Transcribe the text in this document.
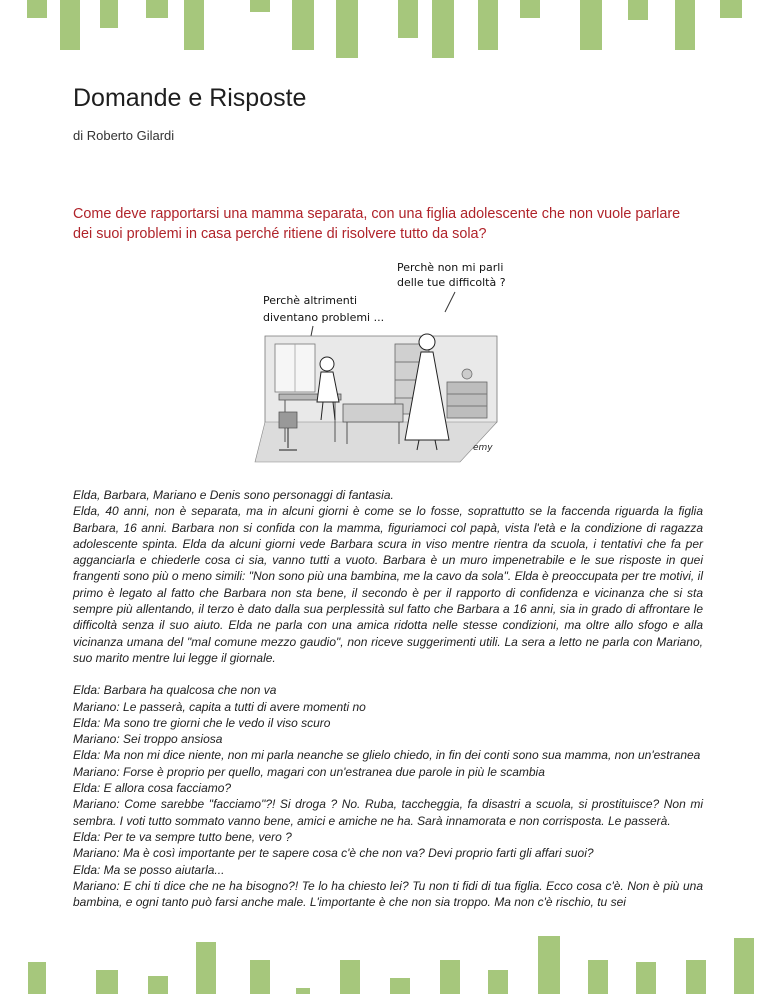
Domande e Risposte
di Roberto Gilardi
Come deve rapportarsi una mamma separata, con una figlia adolescente che non vuole parlare dei suoi problemi in casa perché ritiene di risolvere tutto da sola?
Perchè non mi parli
delle tue difficoltà ?
Perchè altrimenti
diventano problemi ...
emy

Elda, Barbara, Mariano e Denis sono personaggi di fantasia.

Elda, 40 anni, non è separata, ma in alcuni giorni è come se lo fosse, soprattutto se la faccenda riguarda la figlia Barbara, 16 anni. Barbara non si confida con la mamma, figuriamoci col papà, vista l'età e la condizione di ragazza adolescente spinta. Elda da alcuni giorni vede Barbara scura in viso mentre rientra da scuola, i tentativi che fa per agganciarla e chiederle cosa ci sia, vanno tutti a vuoto. Barbara è un muro impenetrabile e le sue risposte in quei frangenti sono più o meno simili: "Non sono più una bambina, me la cavo da sola". Elda è preoccupata per tre motivi, il primo è legato al fatto che Barbara non sta bene, il secondo è per il rapporto di confidenza e vicinanza che si sta sempre più allentando, il terzo è dato dalla sua perplessità sul fatto che Barbara a 16 anni, sia in grado di affrontare le difficoltà senza il suo aiuto. Elda ne parla con una amica ridotta nelle stesse condizioni, ma oltre allo sfogo e alla vicinanza umana del "mal comune mezzo gaudio", non riceve suggerimenti utili. La sera a letto ne parla con Mariano, suo marito mentre lui legge il giornale.

Elda: Barbara ha qualcosa che non va

Mariano: Le passerà, capita a tutti di avere momenti no

Elda: Ma sono tre giorni che le vedo il viso scuro

Mariano: Sei troppo ansiosa

Elda: Ma non mi dice niente, non mi parla neanche se glielo chiedo, in fin dei conti sono sua mamma, non un'estranea

Mariano: Forse è proprio per quello, magari con un'estranea due parole in più le scambia

Elda: E allora cosa facciamo?

Mariano: Come sarebbe "facciamo"?! Si droga ? No. Ruba, taccheggia, fa disastri a scuola, si prostituisce? Non mi sembra. I voti tutto sommato vanno bene, amici e amiche ne ha. Sarà innamorata e non corrisposta. Le passerà.

Elda: Per te va sempre tutto bene, vero ?

Mariano: Ma è così importante per te sapere cosa c'è che non va? Devi proprio farti gli affari suoi?

Elda: Ma se posso aiutarla...

Mariano: E chi ti dice che ne ha bisogno?! Te lo ha chiesto lei? Tu non ti fidi di tua figlia. Ecco cosa c'è. Non è più una bambina, e ogni tanto può farsi anche male. L'importante è che non sia troppo. Ma non c'è rischio, tu sei
